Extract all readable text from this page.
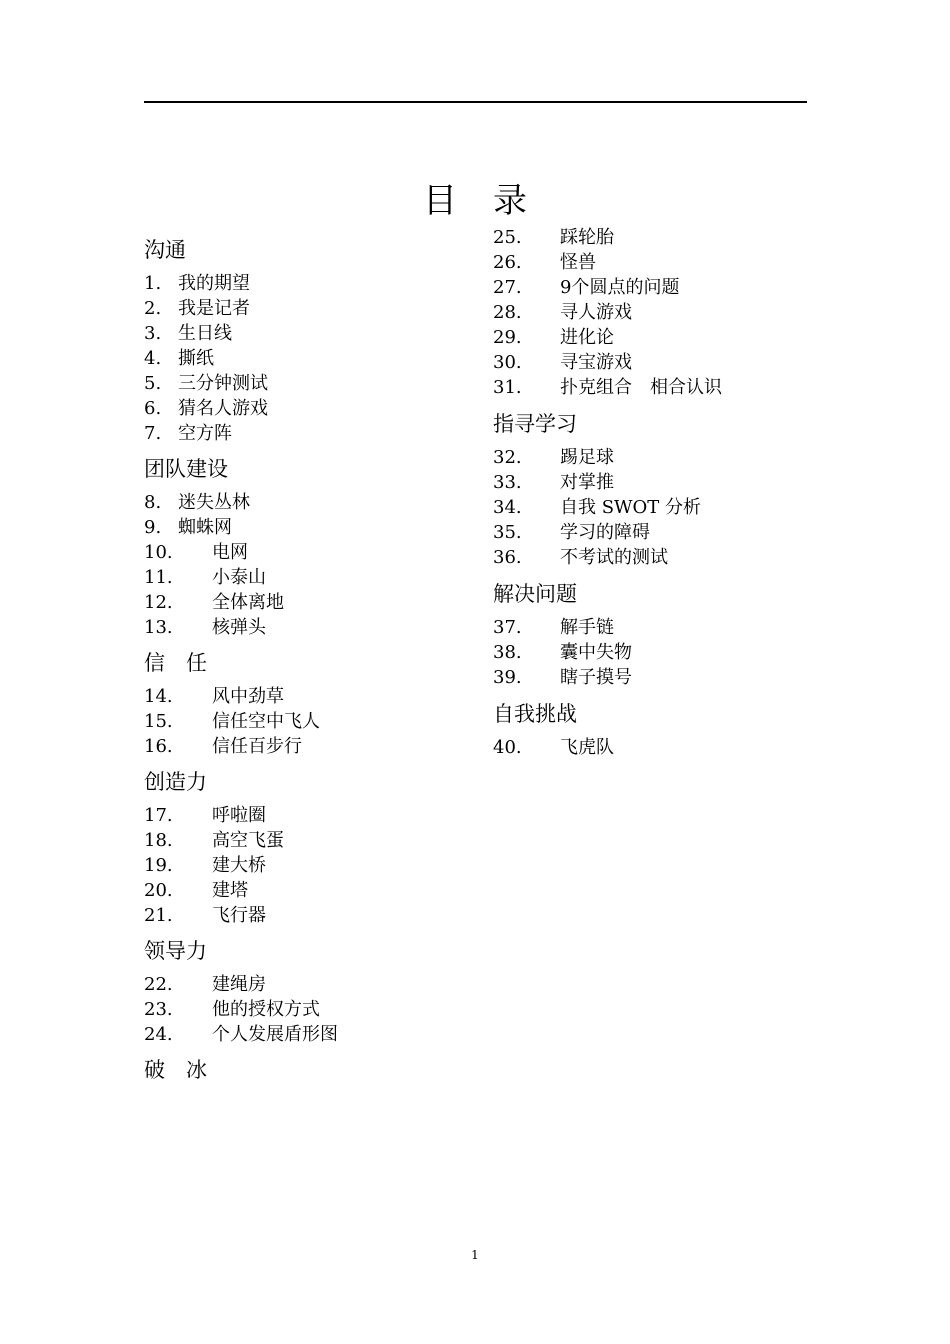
目 录
沟通
1. 我的期望
2. 我是记者
3. 生日线
4. 撕纸
5. 三分钟测试
6. 猜名人游戏
7. 空方阵
团队建设
8. 迷失丛林
9. 蜘蛛网
10. 电网
11. 小泰山
12. 全体离地
13. 核弹头
信　任
14. 风中劲草
15. 信任空中飞人
16. 信任百步行
创造力
17. 呼啦圈
18. 高空飞蛋
19. 建大桥
20. 建塔
21. 飞行器
领导力
22. 建绳房
23. 他的授权方式
24. 个人发展盾形图
破　冰
25. 踩轮胎
26. 怪兽
27. 9个圆点的问题
28. 寻人游戏
29. 进化论
30. 寻宝游戏
31. 扑克组合　相合认识
指寻学习
32. 踢足球
33. 对掌推
34. 自我 SWOT 分析
35. 学习的障碍
36. 不考试的测试
解决问题
37. 解手链
38. 囊中失物
39. 瞎子摸号
自我挑战
40. 飞虎队
1
